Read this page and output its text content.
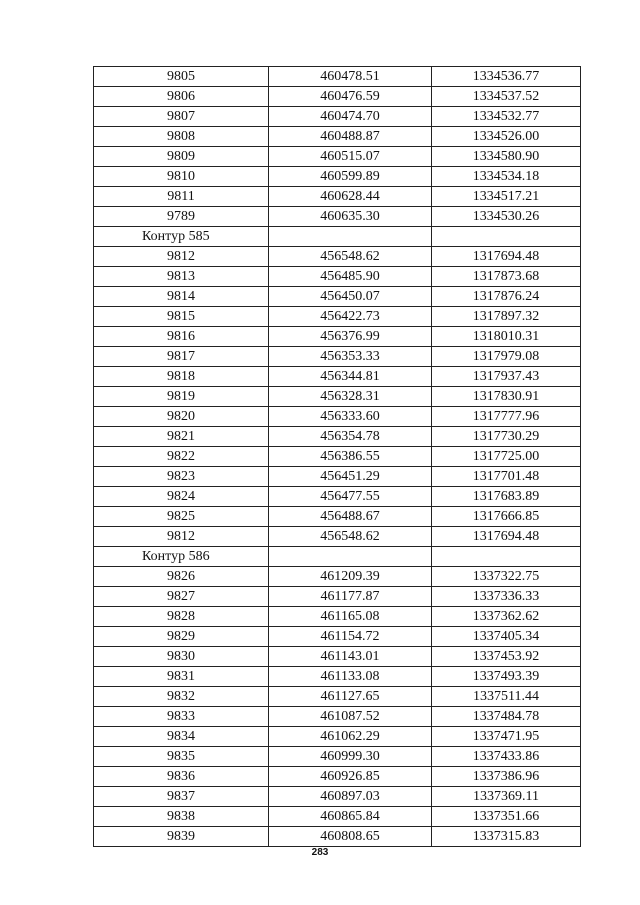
9805	460478.51	1334536.77
9806	460476.59	1334537.52
9807	460474.70	1334532.77
9808	460488.87	1334526.00
9809	460515.07	1334580.90
9810	460599.89	1334534.18
9811	460628.44	1334517.21
9789	460635.30	1334530.26
Контур 585		
9812	456548.62	1317694.48
9813	456485.90	1317873.68
9814	456450.07	1317876.24
9815	456422.73	1317897.32
9816	456376.99	1318010.31
9817	456353.33	1317979.08
9818	456344.81	1317937.43
9819	456328.31	1317830.91
9820	456333.60	1317777.96
9821	456354.78	1317730.29
9822	456386.55	1317725.00
9823	456451.29	1317701.48
9824	456477.55	1317683.89
9825	456488.67	1317666.85
9812	456548.62	1317694.48
Контур 586		
9826	461209.39	1337322.75
9827	461177.87	1337336.33
9828	461165.08	1337362.62
9829	461154.72	1337405.34
9830	461143.01	1337453.92
9831	461133.08	1337493.39
9832	461127.65	1337511.44
9833	461087.52	1337484.78
9834	461062.29	1337471.95
9835	460999.30	1337433.86
9836	460926.85	1337386.96
9837	460897.03	1337369.11
9838	460865.84	1337351.66
9839	460808.65	1337315.83
283
